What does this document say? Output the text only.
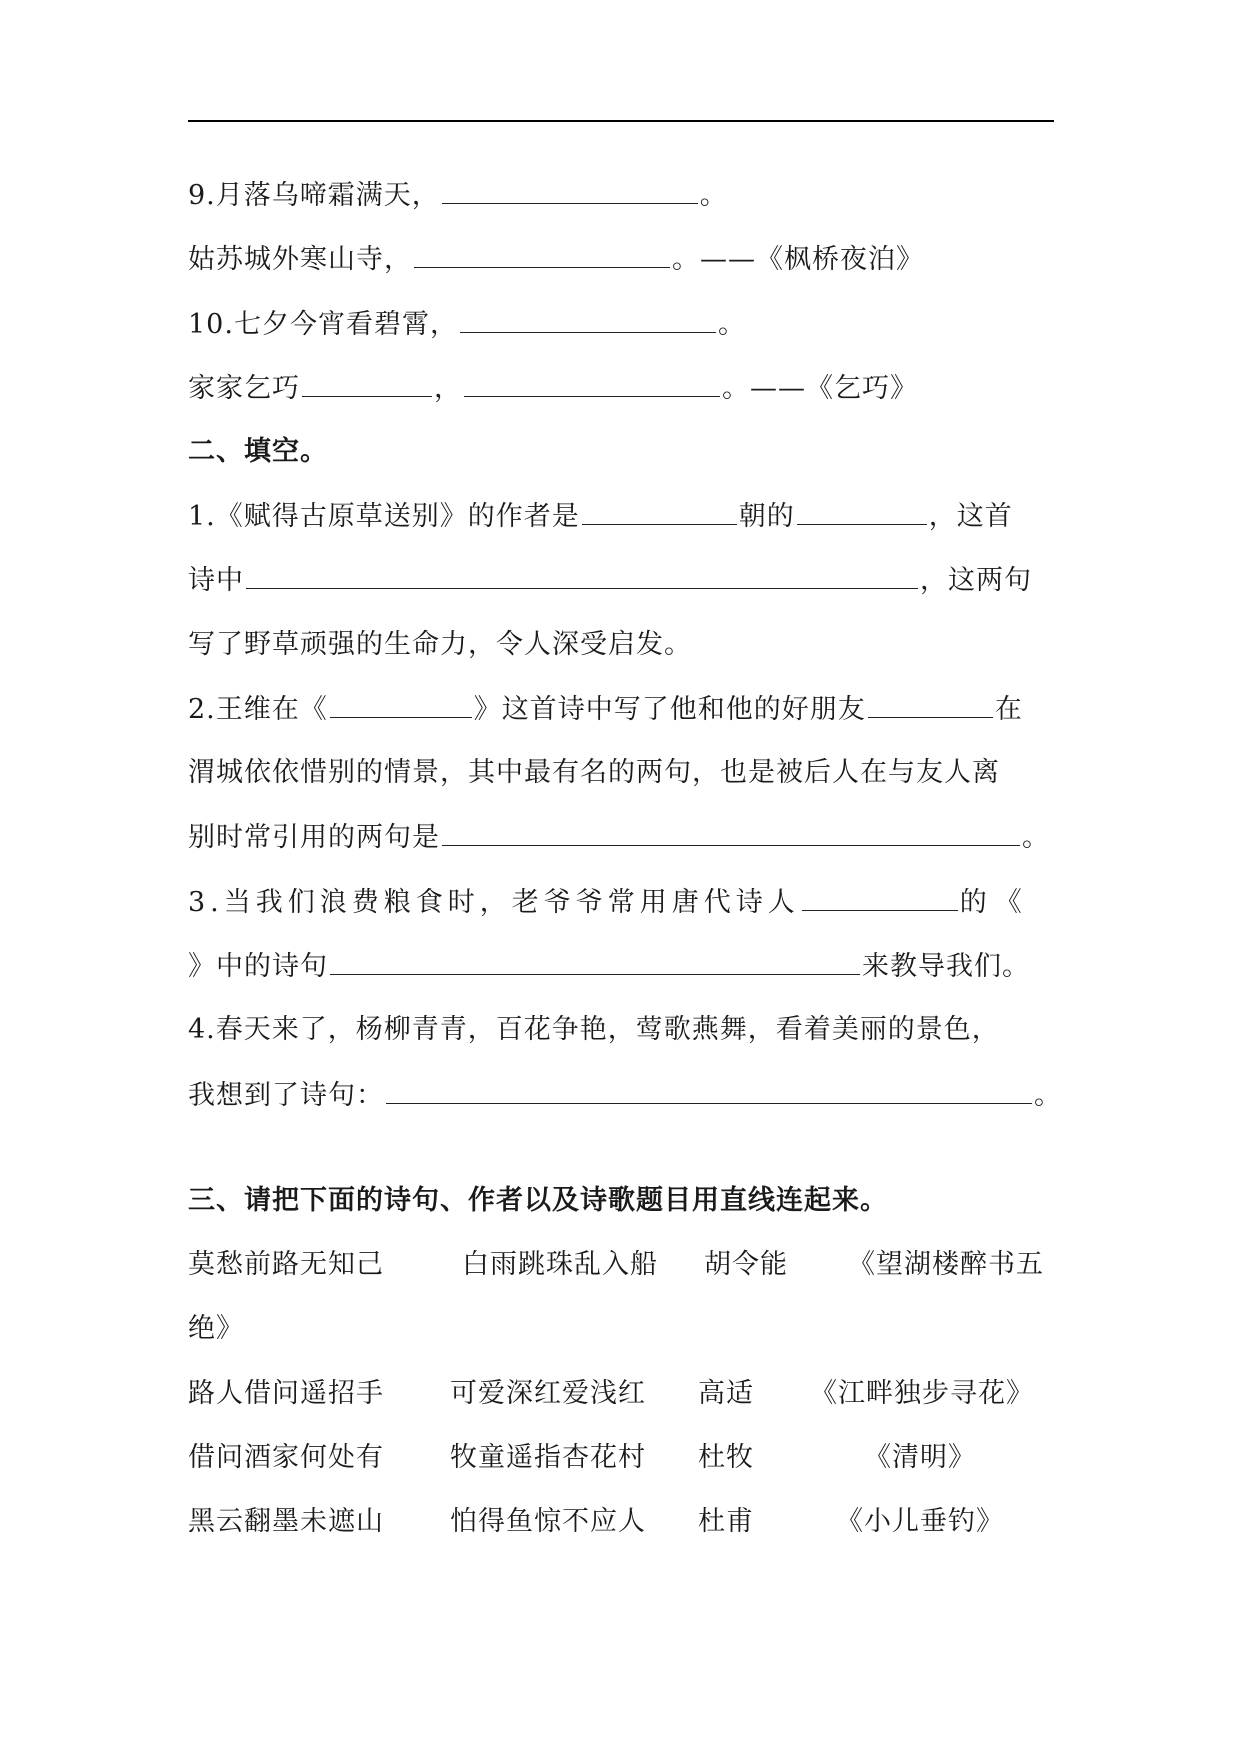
9.月落乌啼霜满天，	。
姑苏城外寒山寺，	。——《枫桥夜泊》
10.七夕今宵看碧霄，	。
家家乞巧	，	。——《乞巧》
二、填空。
1.《赋得古原草送别》的作者是	朝的	，这首
诗中	，这两句
写了野草顽强的生命力，令人深受启发。
2.王维在《	》这首诗中写了他和他的好朋友	在
渭城依依惜别的情景，其中最有名的两句，也是被后人在与友人离
别时常引用的两句是	。
3.当我们浪费粮食时，老爷爷常用唐代诗人	的《
》中的诗句	来教导我们。
4.春天来了，杨柳青青，百花争艳，莺歌燕舞，看着美丽的景色，
我想到了诗句：	。
三、请把下面的诗句、作者以及诗歌题目用直线连起来。
莫愁前路无知己	白雨跳珠乱入船 胡令能 《望湖楼醉书五
绝》
路人借问遥招手 可爱深红爱浅红 高适 《江畔独步寻花》
借问酒家何处有 牧童遥指杏花村 杜牧	《清明》
黑云翻墨未遮山 怕得鱼惊不应人 杜甫	《小儿垂钓》
